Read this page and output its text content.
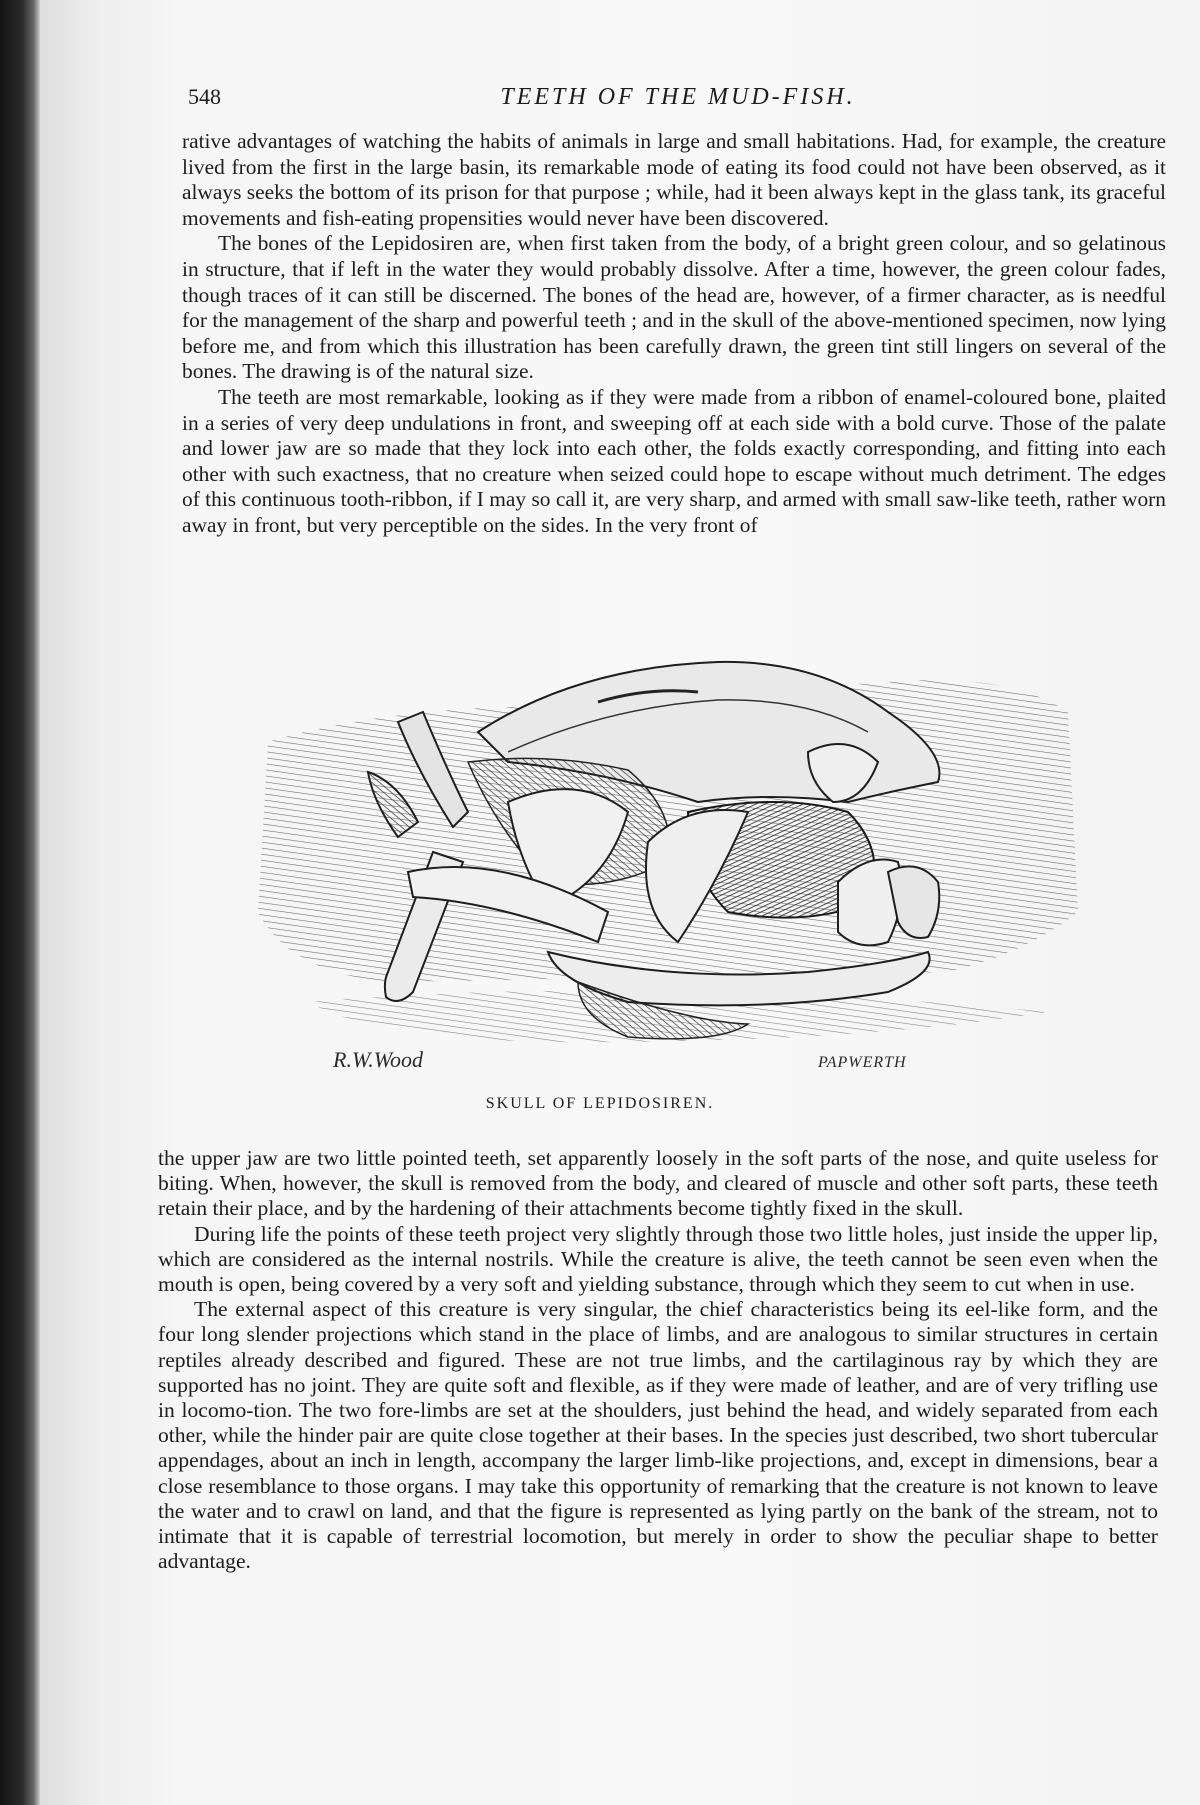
548	TEETH OF THE MUD-FISH.

rative advantages of watching the habits of animals in large and small habitations. Had, for example, the creature lived from the first in the large basin, its remarkable mode of eating its food could not have been observed, as it always seeks the bottom of its prison for that purpose ; while, had it been always kept in the glass tank, its graceful movements and fish-eating propensities would never have been discovered.

The bones of the Lepidosiren are, when first taken from the body, of a bright green colour, and so gelatinous in structure, that if left in the water they would probably dissolve. After a time, however, the green colour fades, though traces of it can still be discerned. The bones of the head are, however, of a firmer character, as is needful for the management of the sharp and powerful teeth ; and in the skull of the above-mentioned specimen, now lying before me, and from which this illustration has been carefully drawn, the green tint still lingers on several of the bones. The drawing is of the natural size.

The teeth are most remarkable, looking as if they were made from a ribbon of enamel-coloured bone, plaited in a series of very deep undulations in front, and sweeping off at each side with a bold curve. Those of the palate and lower jaw are so made that they lock into each other, the folds exactly corresponding, and fitting into each other with such exactness, that no creature when seized could hope to escape without much detriment. The edges of this continuous tooth-ribbon, if I may so call it, are very sharp, and armed with small saw-like teeth, rather worn away in front, but very perceptible on the sides. In the very front of

R.W.Wood	PAPWERTH
SKULL OF LEPIDOSIREN.

the upper jaw are two little pointed teeth, set apparently loosely in the soft parts of the nose, and quite useless for biting. When, however, the skull is removed from the body, and cleared of muscle and other soft parts, these teeth retain their place, and by the hardening of their attachments become tightly fixed in the skull.

During life the points of these teeth project very slightly through those two little holes, just inside the upper lip, which are considered as the internal nostrils. While the creature is alive, the teeth cannot be seen even when the mouth is open, being covered by a very soft and yielding substance, through which they seem to cut when in use.

The external aspect of this creature is very singular, the chief characteristics being its eel-like form, and the four long slender projections which stand in the place of limbs, and are analogous to similar structures in certain reptiles already described and figured. These are not true limbs, and the cartilaginous ray by which they are supported has no joint. They are quite soft and flexible, as if they were made of leather, and are of very trifling use in locomo-tion. The two fore-limbs are set at the shoulders, just behind the head, and widely separated from each other, while the hinder pair are quite close together at their bases. In the species just described, two short tubercular appendages, about an inch in length, accompany the larger limb-like projections, and, except in dimensions, bear a close resemblance to those organs. I may take this opportunity of remarking that the creature is not known to leave the water and to crawl on land, and that the figure is represented as lying partly on the bank of the stream, not to intimate that it is capable of terrestrial locomotion, but merely in order to show the peculiar shape to better advantage.
